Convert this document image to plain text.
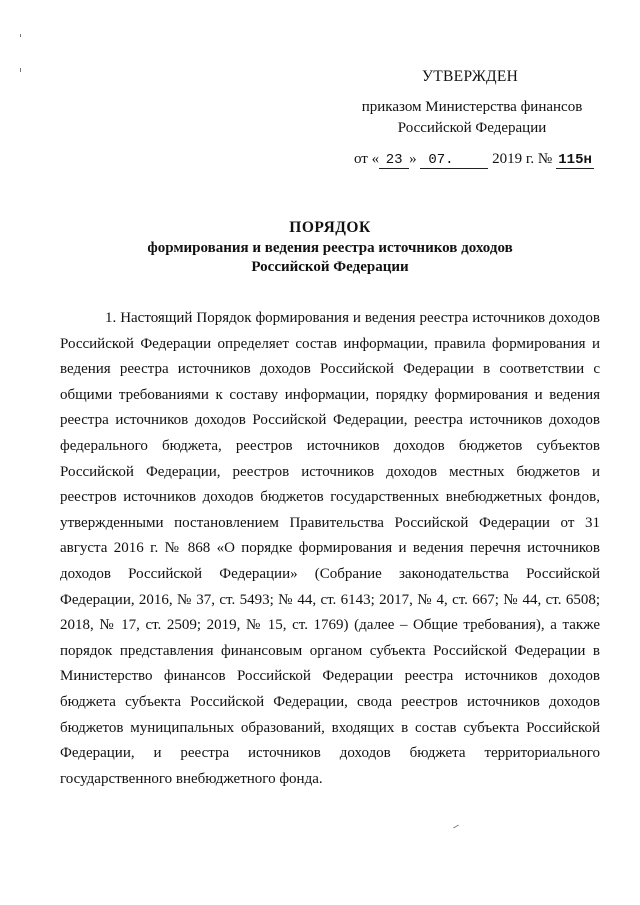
УТВЕРЖДЕН
приказом Министерства финансов
Российской Федерации
от « 23 » 07.	2019 г. № 115н
ПОРЯДОК
формирования и ведения реестра источников доходов
Российской Федерации

1. Настоящий Порядок формирования и ведения реестра источников доходов Российской Федерации определяет состав информации, правила формирования и ведения реестра источников доходов Российской Федерации в соответствии с общими требованиями к составу информации, порядку формирования и ведения реестра источников доходов Российской Федерации, реестра источников доходов федерального бюджета, реестров источников доходов бюджетов субъектов Российской Федерации, реестров источников доходов местных бюджетов и реестров источников доходов бюджетов государственных внебюджетных фондов, утвержденными постановлением Правительства Российской Федерации от 31 августа 2016 г. № 868 «О порядке формирования и ведения перечня источников доходов Российской Федерации» (Собрание законодательства Российской Федерации, 2016, № 37, ст. 5493; № 44, ст. 6143; 2017, № 4, ст. 667; № 44, ст. 6508; 2018, № 17, ст. 2509; 2019, № 15, ст. 1769) (далее – Общие требования), а также порядок представления финансовым органом субъекта Российской Федерации в Министерство финансов Российской Федерации реестра источников доходов бюджета субъекта Российской Федерации, свода реестров источников доходов бюджетов муниципальных образований, входящих в состав субъекта Российской Федерации, и реестра источников доходов бюджета территориального государственного внебюджетного фонда.
